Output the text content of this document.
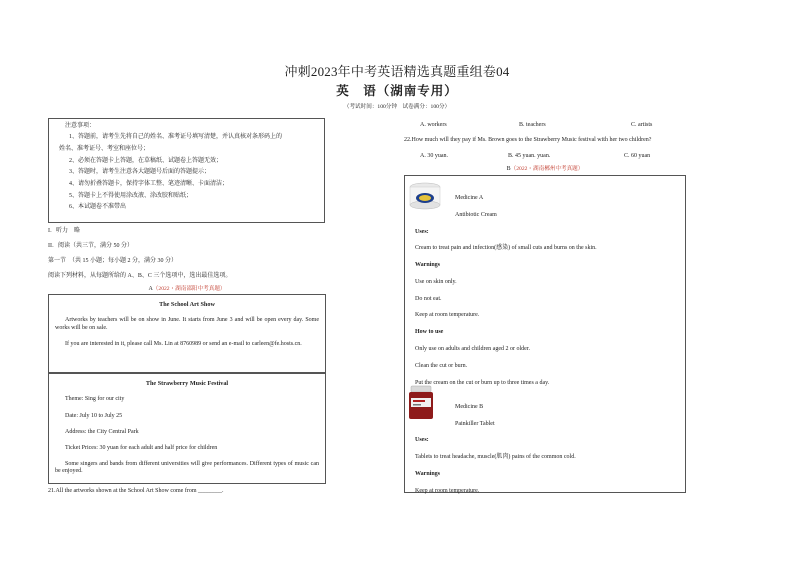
冲刺2023年中考英语精选真题重组卷04
英　语（湖南专用）
（考试时间：100分钟　试卷满分：100分）
注意事项：
1、答题前，请考生先将自己的姓名、准考证号填写清楚，并认真核对条形码上的
姓名、准考证号、考室和座位号；
2、必须在答题卡上答题，在草稿纸、试题卷上答题无效；
3、答题时，请考生注意各大题题号后面的答题提示；
4、请勿折叠答题卡，保持字体工整、笔迹清晰、卡面清洁；
5、答题卡上不得使用涂改液、涂改胶和贴纸；
6、本试题卷不准带出
I．听力　略
II．阅读（共三节，满分 50 分）
第一节　（共 15 小题；每小题 2 分，满分 30 分）
阅读下列材料，从每题所给的 A、B、C 三个选项中，选出最佳选项。
A（2022・湖南邵阳中考真题）
The School Art Show
Artworks by teachers will be on show in June. It starts from June 3 and will be open every day. Some works will be on sale.
If you are interested in it, please call Ms. Lin at 8760989 or send an e-mail to carleen@fe.hosts.cn.
The Strawberry Music Festival
Theme: Sing for our city
Date: July 10 to July 25
Address: the City Central Park
Ticket Prices: 30 yuan for each adult and half price for children
Some singers and bands from different universities will give performances. Different types of music can be enjoyed.
21.All the artworks shown at the School Art Show come from ________.
A. workers	B. teachers	C. artists
22.How much will they pay if Ms. Brown goes to the Strawberry Music festival with her two children?
A. 30 yuan.	B. 45 yuan. yuan.	C. 60 yuan
B（2022・湖南郴州中考真题）
Medicine A
Antibiotic Cream
Uses:
Cream to treat pain and infection(感染) of small cuts and burns on the skin.
Warnings
Use on skin only.
Do not eat.
Keep at room temperature.
How to use
Only use on adults and children aged 2 or older.
Clean the cut or burn.
Put the cream on the cut or burn up to three times a day.
Medicine B
Painkiller Tablet
Uses:
Tablets to treat headache, muscle(肌肉) pains of the common cold.
Warnings
Keep at room temperature.
